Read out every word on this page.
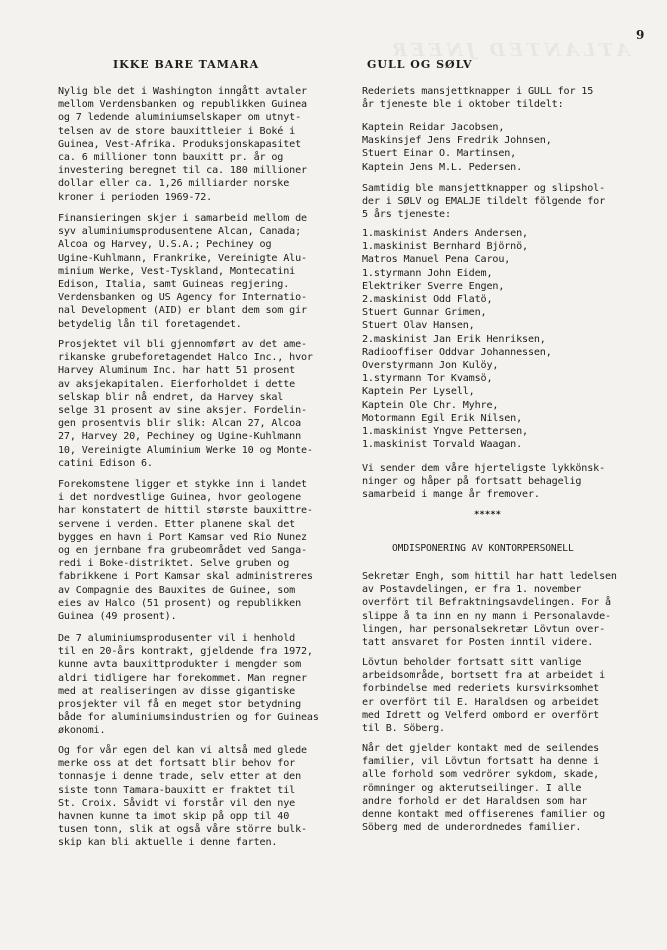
9
ATLANTED JNEER
IKKE BARE TAMARA
Nylig ble det i Washington inngått avtaler
mellom Verdensbanken og republikken Guinea
og 7 ledende aluminiumselskaper om utnyt-
telsen av de store bauxittleier i Boké i
Guinea, Vest-Afrika. Produksjonskapasitet
ca. 6 millioner tonn bauxitt pr. år og
investering beregnet til ca. 180 millioner
dollar eller ca. 1,26 milliarder norske
kroner i perioden 1969-72.
Finansieringen skjer i samarbeid mellom de
syv aluminiumsprodusentene Alcan, Canada;
Alcoa og Harvey, U.S.A.; Pechiney og
Ugine-Kuhlmann, Frankrike, Vereinigte Alu-
minium Werke, Vest-Tyskland, Montecatini
Edison, Italia, samt Guineas regjering.
Verdensbanken og US Agency for Internatio-
nal Development (AID) er blant dem som gir
betydelig lån til foretagendet.
Prosjektet vil bli gjennomført av det ame-
rikanske grubeforetagendet Halco Inc., hvor
Harvey Aluminum Inc. har hatt 51 prosent
av aksjekapitalen. Eierforholdet i dette
selskap blir nå endret, da Harvey skal
selge 31 prosent av sine aksjer. Fordelin-
gen prosentvis blir slik: Alcan 27, Alcoa
27, Harvey 20, Pechiney og Ugine-Kuhlmann
10, Vereinigte Aluminium Werke 10 og Monte-
catini Edison 6.
Forekomstene ligger et stykke inn i landet
i det nordvestlige Guinea, hvor geologene
har konstatert de hittil største bauxittre-
servene i verden. Etter planene skal det
bygges en havn i Port Kamsar ved Rio Nunez
og en jernbane fra grubeområdet ved Sanga-
redi i Boke-distriktet. Selve gruben og
fabrikkene i Port Kamsar skal administreres
av Compagnie des Bauxites de Guinee, som
eies av Halco (51 prosent) og republikken
Guinea (49 prosent).
De 7 aluminiumsprodusenter vil i henhold
til en 20-års kontrakt, gjeldende fra 1972,
kunne avta bauxittprodukter i mengder som
aldri tidligere har forekommet. Man regner
med at realiseringen av disse gigantiske
prosjekter vil få en meget stor betydning
både for aluminiumsindustrien og for Guineas
økonomi.
Og for vår egen del kan vi altså med glede
merke oss at det fortsatt blir behov for
tonnasje i denne trade, selv etter at den
siste tonn Tamara-bauxitt er fraktet til
St. Croix. Såvidt vi forstår vil den nye
havnen kunne ta imot skip på opp til 40
tusen tonn, slik at også våre större bulk-
skip kan bli aktuelle i denne farten.
GULL OG SØLV
Rederiets mansjettknapper i GULL for 15
år tjeneste ble i oktober tildelt:
Kaptein Reidar Jacobsen,
Maskinsjef Jens Fredrik Johnsen,
Stuert Einar O. Martinsen,
Kaptein Jens M.L. Pedersen.
Samtidig ble mansjettknapper og slipshol-
der i SØLV og EMALJE tildelt fölgende for
5 års tjeneste:
1.maskinist Anders Andersen,
1.maskinist Bernhard Björnö,
Matros Manuel Pena Carou,
1.styrmann John Eidem,
Elektriker Sverre Engen,
2.maskinist Odd Flatö,
Stuert Gunnar Grimen,
Stuert Olav Hansen,
2.maskinist Jan Erik Henriksen,
Radiooffiser Oddvar Johannessen,
Overstyrmann Jon Kulöy,
1.styrmann Tor Kvamsö,
Kaptein Per Lysell,
Kaptein Ole Chr. Myhre,
Motormann Egil Erik Nilsen,
1.maskinist Yngve Pettersen,
1.maskinist Torvald Waagan.
Vi sender dem våre hjerteligste lykkönsk-
ninger og håper på fortsatt behagelig
samarbeid i mange år fremover.
*****
OMDISPONERING AV KONTORPERSONELL
Sekretær Engh, som hittil har hatt ledelsen
av Postavdelingen, er fra 1. november
overfört til Befraktningsavdelingen. For å
slippe å ta inn en ny mann i Personalavde-
lingen, har personalsekretær Lövtun over-
tatt ansvaret for Posten inntil videre.
Lövtun beholder fortsatt sitt vanlige
arbeidsområde, bortsett fra at arbeidet i
forbindelse med rederiets kursvirksomhet
er overfört til E. Haraldsen og arbeidet
med Idrett og Velferd ombord er overfört
til B. Söberg.
Når det gjelder kontakt med de seilendes
familier, vil Lövtun fortsatt ha denne i
alle forhold som vedrörer sykdom, skade,
römninger og akterutseilinger. I alle
andre forhold er det Haraldsen som har
denne kontakt med offiserenes familier og
Söberg med de underordnedes familier.
